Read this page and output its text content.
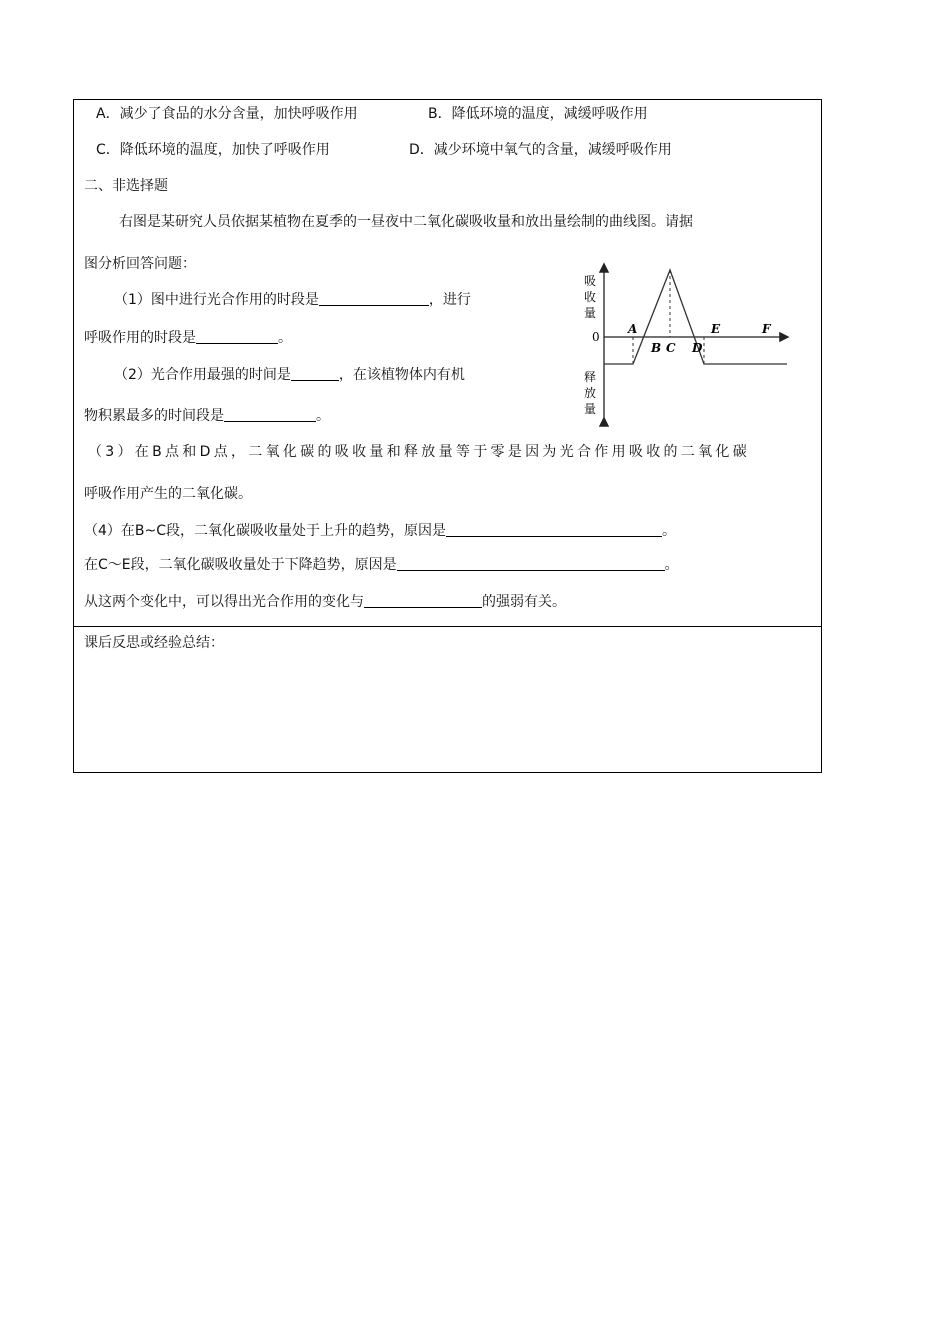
A．减少了食品的水分含量，加快呼吸作用	B．降低环境的温度，减缓呼吸作用
C．降低环境的温度，加快了呼吸作用	D．减少环境中氧气的含量，减缓呼吸作用
二、非选择题
右图是某研究人员依据某植物在夏季的一昼夜中二氧化碳吸收量和放出量绘制的曲线图。请据
图分析回答问题：
（1）图中进行光合作用的时段是	，进行
呼吸作用的时段是	。
（2）光合作用最强的时间是	，在该植物体内有机
物积累最多的时间段是	。
（3）在B点和D点，二氧化碳的吸收量和释放量等于零是因为光合作用吸收的二氧化碳
呼吸作用产生的二氧化碳。
（4）在B~C段，二氧化碳吸收量处于上升的趋势，原因是	。
在C～E段，二氧化碳吸收量处于下降趋势，原因是	。
从这两个变化中，可以得出光合作用的变化与	的强弱有关。
课后反思或经验总结：
吸
收
量
释
放
量
0
A
B C D
E	F
